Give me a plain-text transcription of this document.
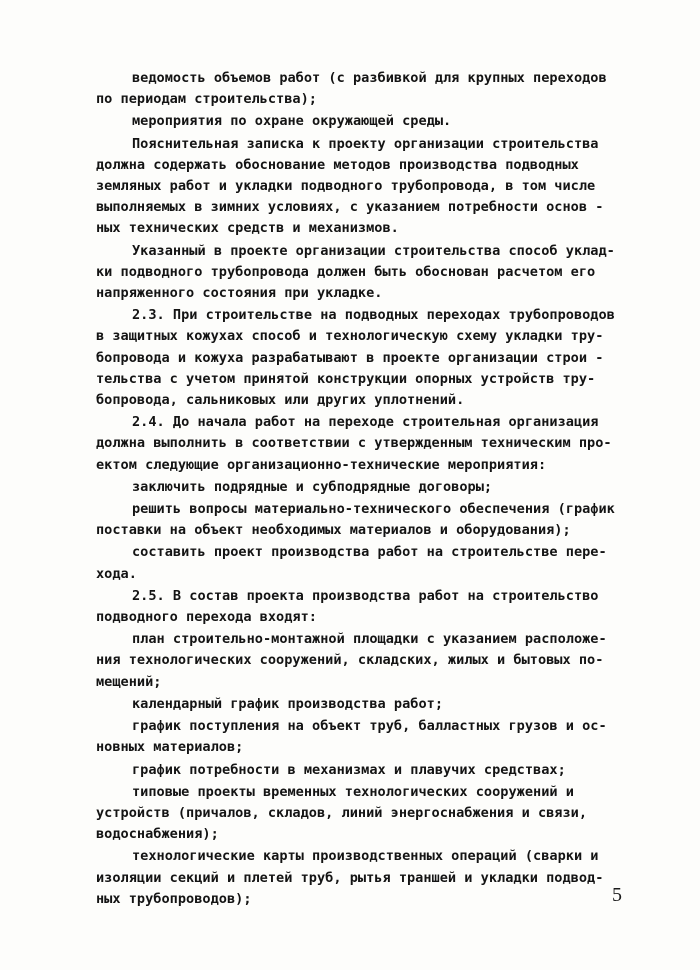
ведомость объемов работ (с разбивкой для крупных переходов
по периодам строительства);

мероприятия по охране окружающей среды.

Пояснительная записка к проекту организации строительства
должна содержать обоснование методов производства подводных
земляных работ и укладки подводного трубопровода, в том числе
выполняемых в зимних условиях, с указанием потребности основ -
ных технических средств и механизмов.

Указанный в проекте организации строительства способ уклад-
ки подводного трубопровода должен быть обоснован расчетом его
напряженного состояния при укладке.

2.3. При строительстве на подводных переходах трубопроводов
в защитных кожухах способ и технологическую схему укладки тру-
бопровода и кожуха разрабатывают в проекте организации строи -
тельства с учетом принятой конструкции опорных устройств тру-
бопровода, сальниковых или других уплотнений.

2.4. До начала работ на переходе строительная организация
должна выполнить в соответствии с утвержденным техническим про-
ектом следующие организационно-технические мероприятия:

заключить подрядные и субподрядные договоры;

решить вопросы материально-технического обеспечения (график
поставки на объект необходимых материалов и оборудования);

составить проект производства работ на строительстве пере-
хода.

2.5. В состав проекта производства работ на строительство
подводного перехода входят:

план строительно-монтажной площадки с указанием расположе-
ния технологических сооружений, складских, жилых и бытовых по-
мещений;

календарный график производства работ;

график поступления на объект труб, балластных грузов и ос-
новных материалов;

график потребности в механизмах и плавучих средствах;

типовые проекты временных технологических сооружений и
устройств (причалов, складов, линий энергоснабжения и связи,
водоснабжения);

технологические карты производственных операций (сварки и
изоляции секций и плетей труб, рытья траншей и укладки подвод-
ных трубопроводов);	5
